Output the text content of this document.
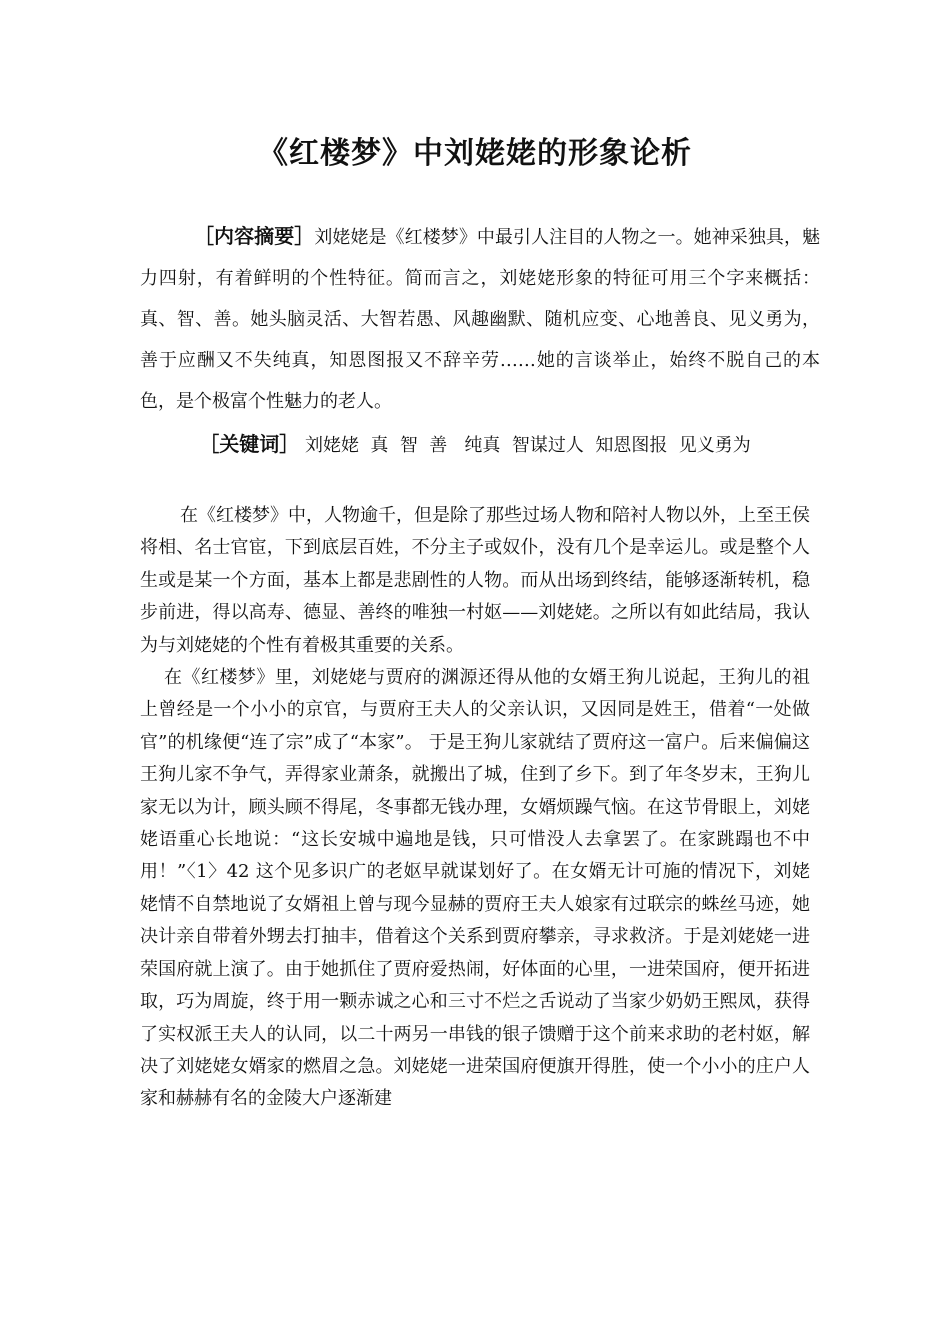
《红楼梦》中刘姥姥的形象论析

［内容摘要］刘姥姥是《红楼梦》中最引人注目的人物之一。她神采独具，魅力四射，有着鲜明的个性特征。简而言之，刘姥姥形象的特征可用三个字来概括：真、智、善。她头脑灵活、大智若愚、风趣幽默、随机应变、心地善良、见义勇为，善于应酬又不失纯真，知恩图报又不辞辛劳……她的言谈举止，始终不脱自己的本色，是个极富个性魅力的老人。

［关键词］ 刘姥姥  真  智  善   纯真  智谋过人  知恩图报  见义勇为

在《红楼梦》中，人物逾千，但是除了那些过场人物和陪衬人物以外，上至王侯将相、名士官宦，下到底层百姓，不分主子或奴仆，没有几个是幸运儿。或是整个人生或是某一个方面，基本上都是悲剧性的人物。而从出场到终结，能够逐渐转机，稳步前进，得以高寿、德显、善终的唯独一村妪——刘姥姥。之所以有如此结局，我认为与刘姥姥的个性有着极其重要的关系。

在《红楼梦》里，刘姥姥与贾府的渊源还得从他的女婿王狗儿说起，王狗儿的祖上曾经是一个小小的京官，与贾府王夫人的父亲认识，又因同是姓王，借着“一处做官”的机缘便“连了宗”成了“本家”。 于是王狗儿家就结了贾府这一富户。后来偏偏这王狗儿家不争气，弄得家业萧条，就搬出了城，住到了乡下。到了年冬岁末，王狗儿家无以为计，顾头顾不得尾，冬事都无钱办理，女婿烦躁气恼。在这节骨眼上，刘姥姥语重心长地说：“这长安城中遍地是钱，只可惜没人去拿罢了。在家跳蹋也不中用！”〈1〉42 这个见多识广的老妪早就谋划好了。在女婿无计可施的情况下，刘姥姥情不自禁地说了女婿祖上曾与现今显赫的贾府王夫人娘家有过联宗的蛛丝马迹，她决计亲自带着外甥去打抽丰，借着这个关系到贾府攀亲，寻求救济。于是刘姥姥一进荣国府就上演了。由于她抓住了贾府爱热闹，好体面的心里，一进荣国府，便开拓进取，巧为周旋，终于用一颗赤诚之心和三寸不烂之舌说动了当家少奶奶王熙凤，获得了实权派王夫人的认同，以二十两另一串钱的银子馈赠于这个前来求助的老村妪，解决了刘姥姥女婿家的燃眉之急。刘姥姥一进荣国府便旗开得胜，使一个小小的庄户人家和赫赫有名的金陵大户逐渐建
